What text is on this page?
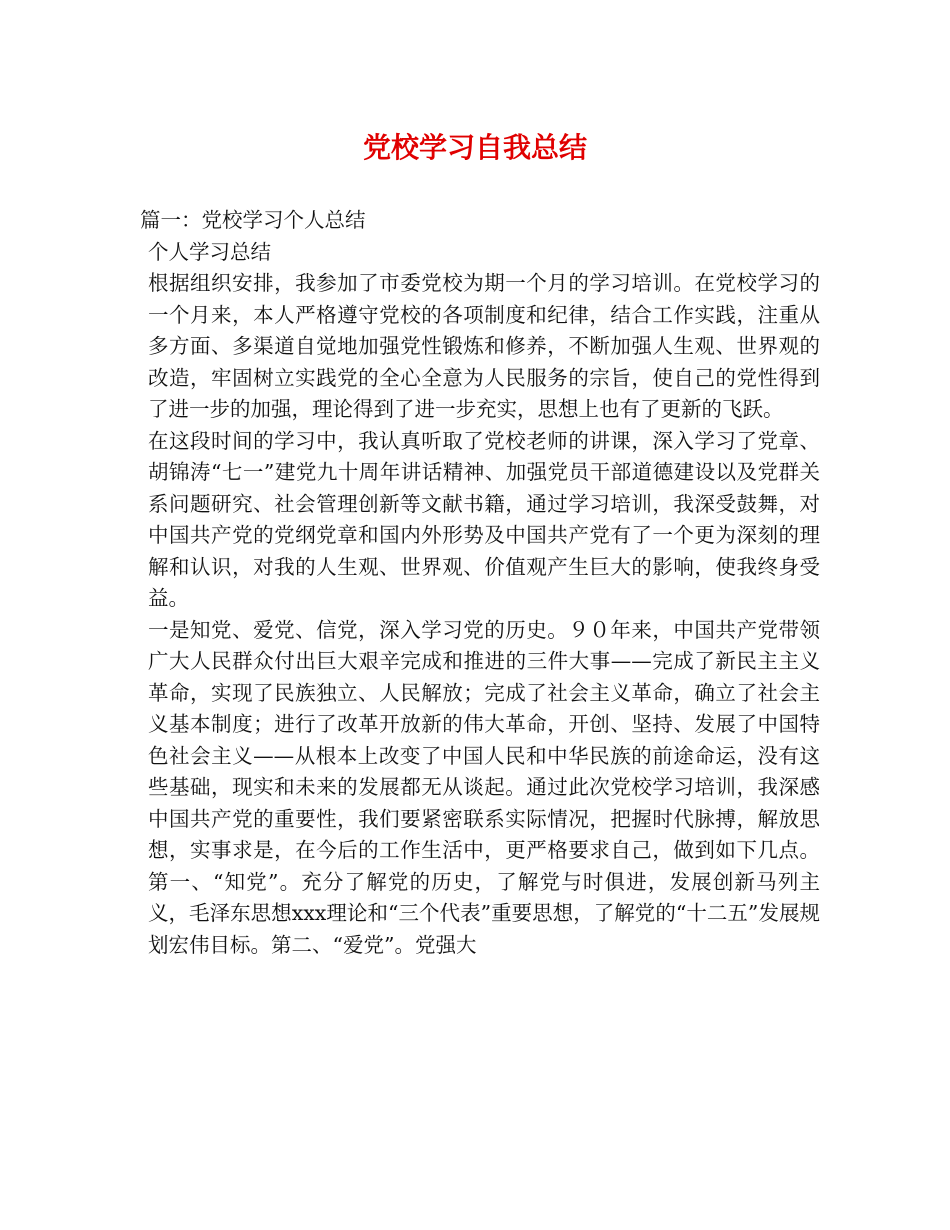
党校学习自我总结

篇一：党校学习个人总结

个人学习总结

根据组织安排，我参加了市委党校为期一个月的学习培训。在党校学习的一个月来，本人严格遵守党校的各项制度和纪律，结合工作实践，注重从多方面、多渠道自觉地加强党性锻炼和修养，不断加强人生观、世界观的改造，牢固树立实践党的全心全意为人民服务的宗旨，使自己的党性得到了进一步的加强，理论得到了进一步充实，思想上也有了更新的飞跃。

在这段时间的学习中，我认真听取了党校老师的讲课，深入学习了党章、胡锦涛“七一”建党九十周年讲话精神、加强党员干部道德建设以及党群关系问题研究、社会管理创新等文献书籍，通过学习培训，我深受鼓舞，对中国共产党的党纲党章和国内外形势及中国共产党有了一个更为深刻的理解和认识，对我的人生观、世界观、价值观产生巨大的影响，使我终身受益。

一是知党、爱党、信党，深入学习党的历史。９０年来，中国共产党带领广大人民群众付出巨大艰辛完成和推进的三件大事——完成了新民主主义革命，实现了民族独立、人民解放；完成了社会主义革命，确立了社会主义基本制度；进行了改革开放新的伟大革命，开创、坚持、发展了中国特色社会主义——从根本上改变了中国人民和中华民族的前途命运，没有这些基础，现实和未来的发展都无从谈起。通过此次党校学习培训，我深感中国共产党的重要性，我们要紧密联系实际情况，把握时代脉搏，解放思想，实事求是，在今后的工作生活中，更严格要求自己，做到如下几点。第一、“知党”。充分了解党的历史，了解党与时俱进，发展创新马列主义，毛泽东思想xxx理论和“三个代表”重要思想，了解党的“十二五”发展规划宏伟目标。第二、“爱党”。党强大
